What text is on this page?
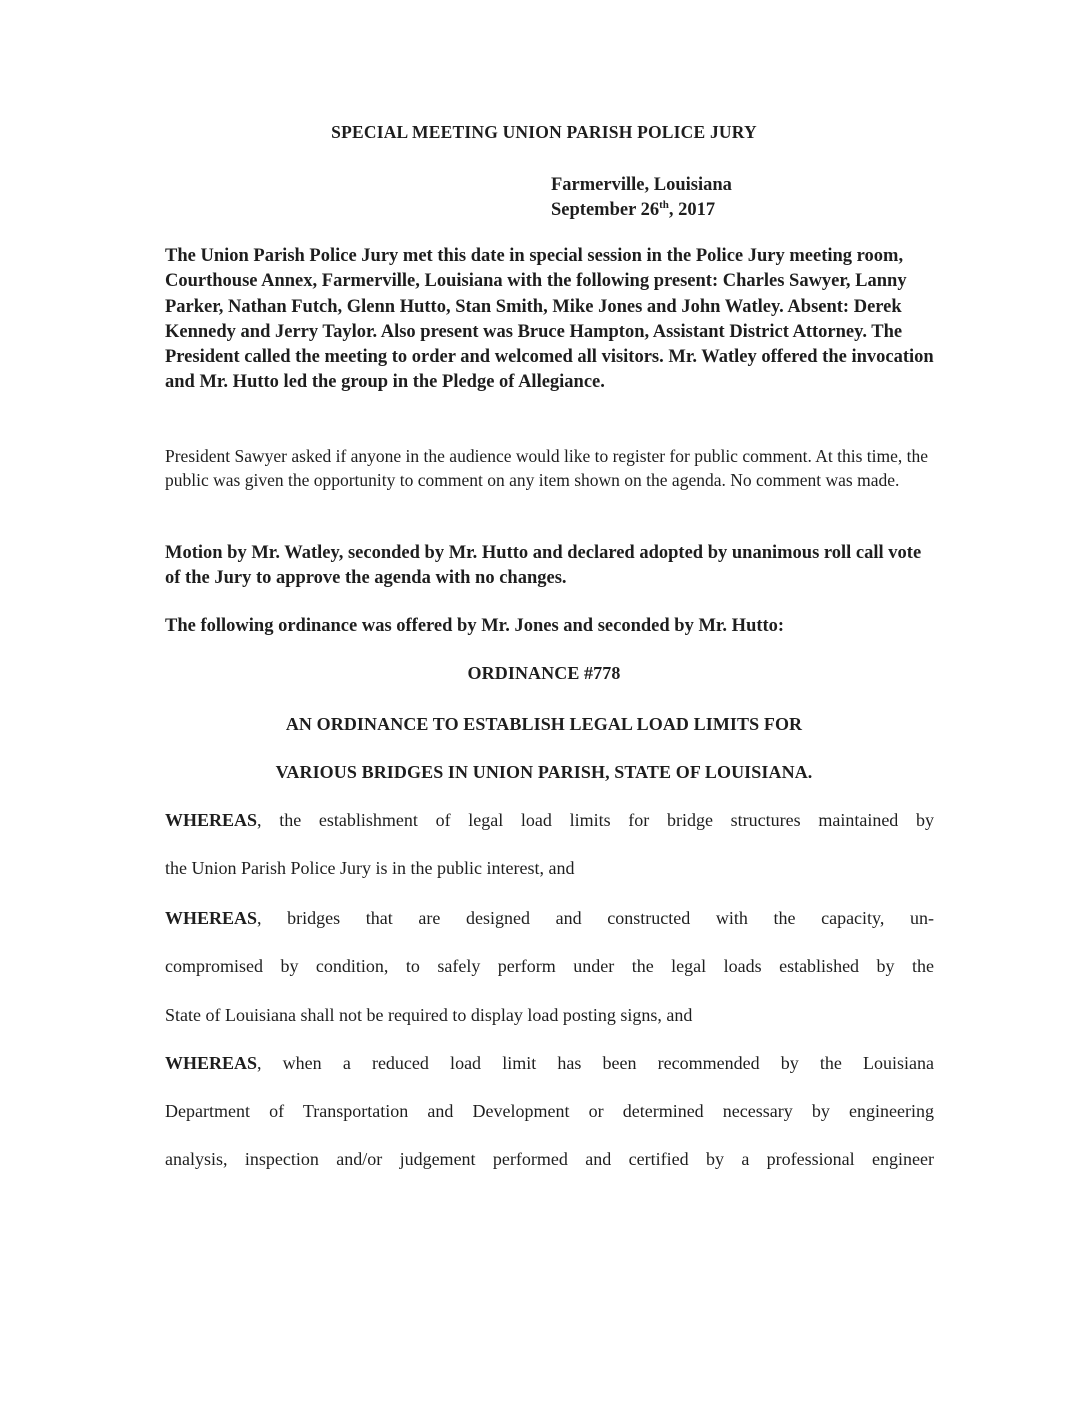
SPECIAL MEETING UNION PARISH POLICE JURY
Farmerville, Louisiana
September 26th, 2017

The Union Parish Police Jury met this date in special session in the Police Jury meeting room, Courthouse Annex, Farmerville, Louisiana with the following present: Charles Sawyer, Lanny Parker, Nathan Futch, Glenn Hutto, Stan Smith, Mike Jones and John Watley. Absent: Derek Kennedy and Jerry Taylor. Also present was Bruce Hampton, Assistant District Attorney. The President called the meeting to order and welcomed all visitors. Mr. Watley offered the invocation and Mr. Hutto led the group in the Pledge of Allegiance.

President Sawyer asked if anyone in the audience would like to register for public comment. At this time, the public was given the opportunity to comment on any item shown on the agenda. No comment was made.

Motion by Mr. Watley, seconded by Mr. Hutto and declared adopted by unanimous roll call vote of the Jury to approve the agenda with no changes.

The following ordinance was offered by Mr. Jones and seconded by Mr. Hutto:

ORDINANCE #778
AN ORDINANCE TO ESTABLISH LEGAL LOAD LIMITS FOR
VARIOUS BRIDGES IN UNION PARISH, STATE OF LOUISIANA.

WHEREAS, the establishment of legal load limits for bridge structures maintained by

the Union Parish Police Jury is in the public interest, and

WHEREAS, bridges that are designed and constructed with the capacity, un-

compromised by condition, to safely perform under the legal loads established by the

State of Louisiana shall not be required to display load posting signs, and

WHEREAS, when a reduced load limit has been recommended by the Louisiana

Department of Transportation and Development or determined necessary by engineering

analysis, inspection and/or judgement performed and certified by a professional engineer
